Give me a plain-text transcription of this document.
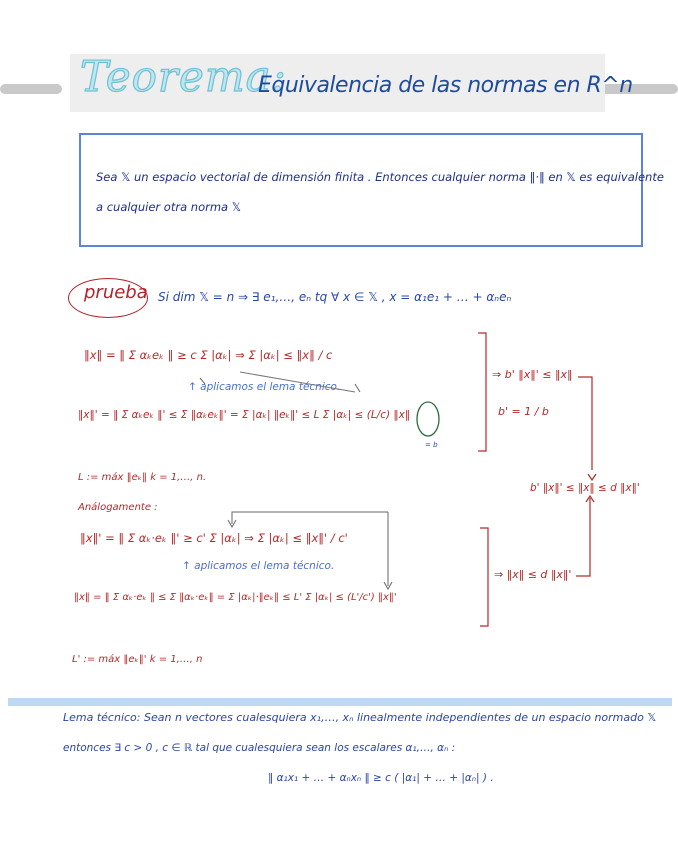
Teorema:
Equivalencia de las normas en R^n
Sea 𝕏 un espacio vectorial de dimensión finita . Entonces cualquier norma ‖·‖ en 𝕏 es equivalente
a cualquier otra norma 𝕏
prueba Si dim 𝕏 = n ⇒ ∃ e₁,…, eₙ tq ∀ x ∈ 𝕏 , x = α₁e₁ + … + αₙeₙ
‖x‖ = ‖ Σ αₖeₖ ‖ ≥ c Σ |αₖ| ⇒ Σ |αₖ| ≤ ‖x‖ / c
↑ aplicamos el lema técnico.
‖x‖' = ‖ Σ αₖeₖ ‖' ≤ Σ ‖αₖeₖ‖' = Σ |αₖ| ‖eₖ‖' ≤ L Σ |αₖ| ≤ (L/c) ‖x‖
= b
⇒ b' ‖x‖' ≤ ‖x‖
b' = 1 / b
L := máx ‖eₖ‖ k = 1,…, n.
b' ‖x‖' ≤ ‖x‖ ≤ d ‖x‖'
Análogamente :
‖x‖' = ‖ Σ αₖ·eₖ ‖' ≥ c' Σ |αₖ| ⇒ Σ |αₖ| ≤ ‖x‖' / c'
↑ aplicamos el lema técnico.
‖x‖ = ‖ Σ αₖ·eₖ ‖ ≤ Σ ‖αₖ·eₖ‖ = Σ |αₖ|·‖eₖ‖ ≤ L' Σ |αₖ| ≤ (L'/c') ‖x‖'
⇒ ‖x‖ ≤ d ‖x‖'
L' := máx ‖eₖ‖' k = 1,…, n
Lema técnico: Sean n vectores cualesquiera x₁,…, xₙ linealmente independientes de un espacio normado 𝕏
entonces ∃ c > 0 , c ∈ ℝ tal que cualesquiera sean los escalares α₁,…, αₙ :
‖ α₁x₁ + … + αₙxₙ ‖ ≥ c ( |α₁| + … + |αₙ| ) .
